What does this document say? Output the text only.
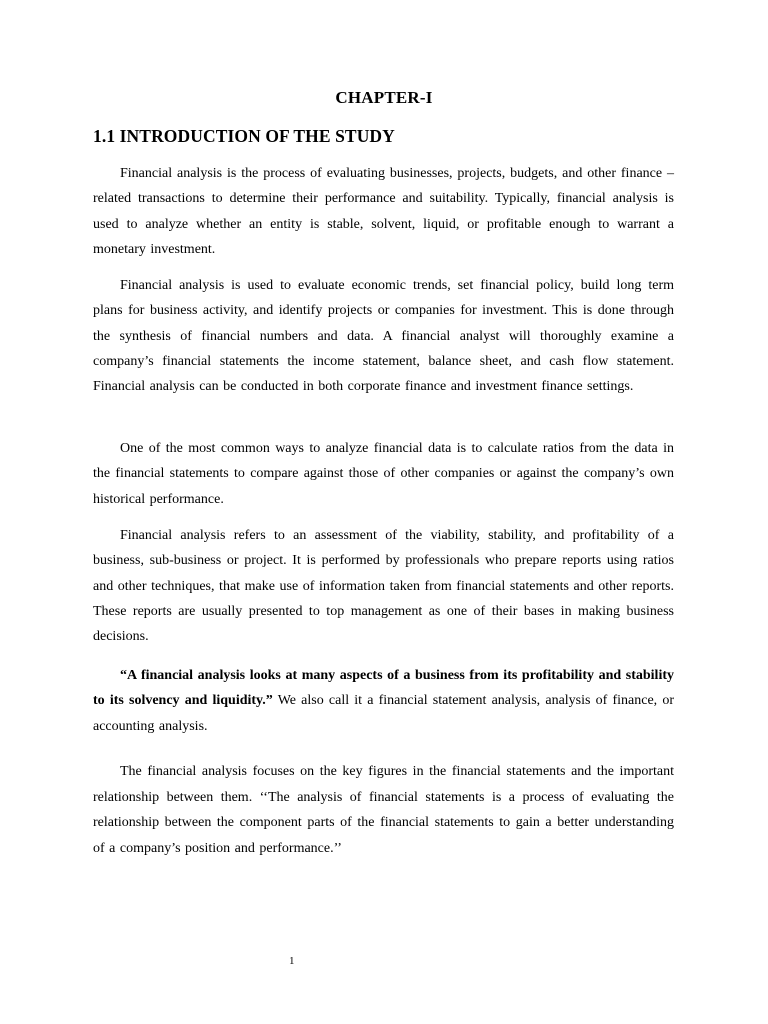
CHAPTER-I
1.1 INTRODUCTION OF THE STUDY

Financial analysis is the process of evaluating businesses, projects, budgets, and other finance – related transactions to determine their performance and suitability. Typically, financial analysis is used to analyze whether an entity is stable, solvent, liquid, or profitable enough to warrant a monetary investment.

Financial analysis is used to evaluate economic trends, set financial policy, build long term plans for business activity, and identify projects or companies for investment. This is done through the synthesis of financial numbers and data. A financial analyst will thoroughly examine a company’s financial statements the income statement, balance sheet, and cash flow statement. Financial analysis can be conducted in both corporate finance and investment finance settings.

One of the most common ways to analyze financial data is to calculate ratios from the data in the financial statements to compare against those of other companies or against the company’s own historical performance.

Financial analysis refers to an assessment of the viability, stability, and profitability of a business, sub-business or project. It is performed by professionals who prepare reports using ratios and other techniques, that make use of information taken from financial statements and other reports. These reports are usually presented to top management as one of their bases in making business decisions.

“A financial analysis looks at many aspects of a business from its profitability and stability to its solvency and liquidity.” We also call it a financial statement analysis, analysis of finance, or accounting analysis.

The financial analysis focuses on the key figures in the financial statements and the important relationship between them. ‘‘The analysis of financial statements is a process of evaluating the relationship between the component parts of the financial statements to gain a better understanding of a company’s position and performance.’’

1
